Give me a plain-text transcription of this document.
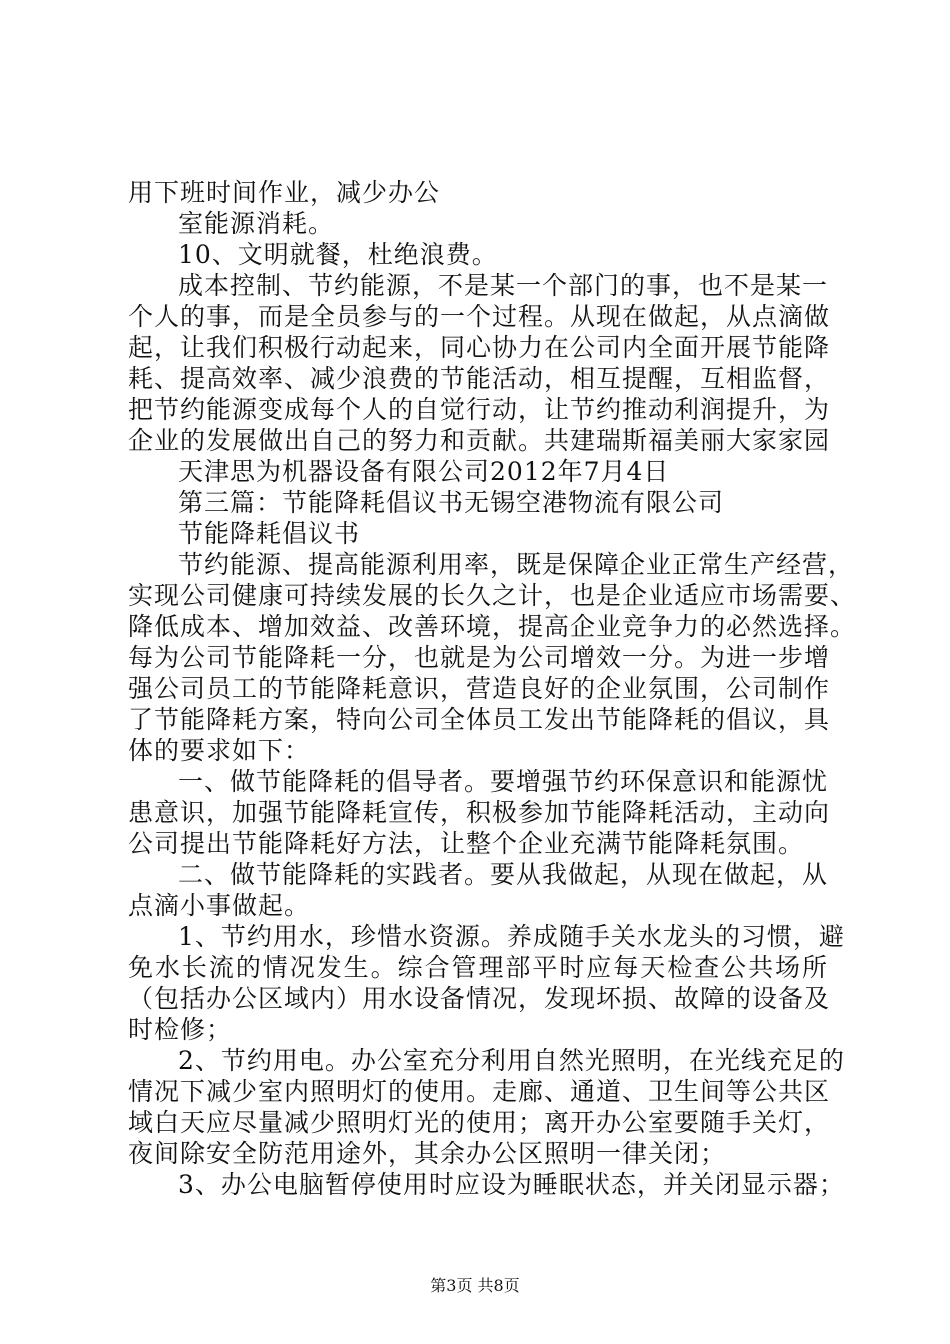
用下班时间作业，减少办公
室能源消耗。
10、文明就餐，杜绝浪费。
成本控制、节约能源，不是某一个部门的事，也不是某一
个人的事，而是全员参与的一个过程。从现在做起，从点滴做
起，让我们积极行动起来，同心协力在公司内全面开展节能降
耗、提高效率、减少浪费的节能活动，相互提醒，互相监督，
把节约能源变成每个人的自觉行动，让节约推动利润提升，为
企业的发展做出自己的努力和贡献。共建瑞斯福美丽大家家园
天津思为机器设备有限公司2012年7月4日
第三篇：节能降耗倡议书无锡空港物流有限公司
节能降耗倡议书
节约能源、提高能源利用率，既是保障企业正常生产经营，
实现公司健康可持续发展的长久之计，也是企业适应市场需要、
降低成本、增加效益、改善环境，提高企业竞争力的必然选择。
每为公司节能降耗一分，也就是为公司增效一分。为进一步增
强公司员工的节能降耗意识，营造良好的企业氛围，公司制作
了节能降耗方案，特向公司全体员工发出节能降耗的倡议，具
体的要求如下：
一、做节能降耗的倡导者。要增强节约环保意识和能源忧
患意识，加强节能降耗宣传，积极参加节能降耗活动，主动向
公司提出节能降耗好方法，让整个企业充满节能降耗氛围。
二、做节能降耗的实践者。要从我做起，从现在做起，从
点滴小事做起。
1、节约用水，珍惜水资源。养成随手关水龙头的习惯，避
免水长流的情况发生。综合管理部平时应每天检查公共场所
（包括办公区域内）用水设备情况，发现坏损、故障的设备及
时检修；
2、节约用电。办公室充分利用自然光照明，在光线充足的
情况下减少室内照明灯的使用。走廊、通道、卫生间等公共区
域白天应尽量减少照明灯光的使用；离开办公室要随手关灯，
夜间除安全防范用途外，其余办公区照明一律关闭；
第3页 共8页
3、办公电脑暂停使用时应设为睡眠状态，并关闭显示器；
